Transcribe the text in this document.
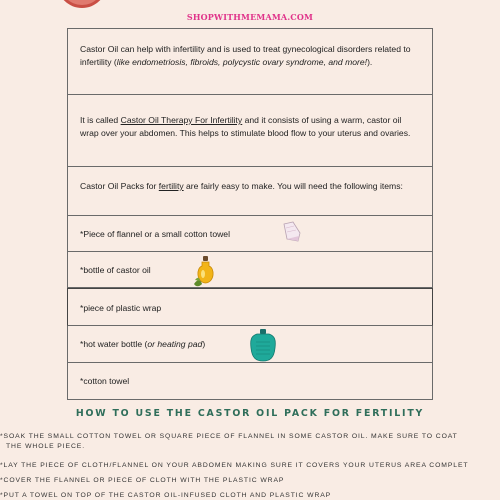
SHOPWITHMEMAMA.COM

Castor Oil can help with infertility and is used to treat gynecological disorders related to infertility (like endometriosis, fibroids, polycystic ovary syndrome, and more!).

It is called Castor Oil Therapy For Infertility and it consists of using a warm, castor oil wrap over your abdomen. This helps to stimulate blood flow to your uterus and ovaries.

Castor Oil Packs for fertility are fairly easy to make. You will need the following items:

*Piece of flannel or a small cotton towel

*bottle of castor oil

*piece of plastic wrap

*hot water bottle (or heating pad)

*cotton towel

HOW TO USE THE CASTOR OIL PACK FOR FERTILITY
*SOAK THE SMALL COTTON TOWEL OR SQUARE PIECE OF FLANNEL IN SOME CASTOR OIL. MAKE SURE TO COAT
THE WHOLE PIECE.
*LAY THE PIECE OF CLOTH/FLANNEL ON YOUR ABDOMEN MAKING SURE IT COVERS YOUR UTERUS AREA COMPLET
*COVER THE FLANNEL OR PIECE OF CLOTH WITH THE PLASTIC WRAP
*PUT A TOWEL ON TOP OF THE CASTOR OIL-INFUSED CLOTH AND PLASTIC WRAP
